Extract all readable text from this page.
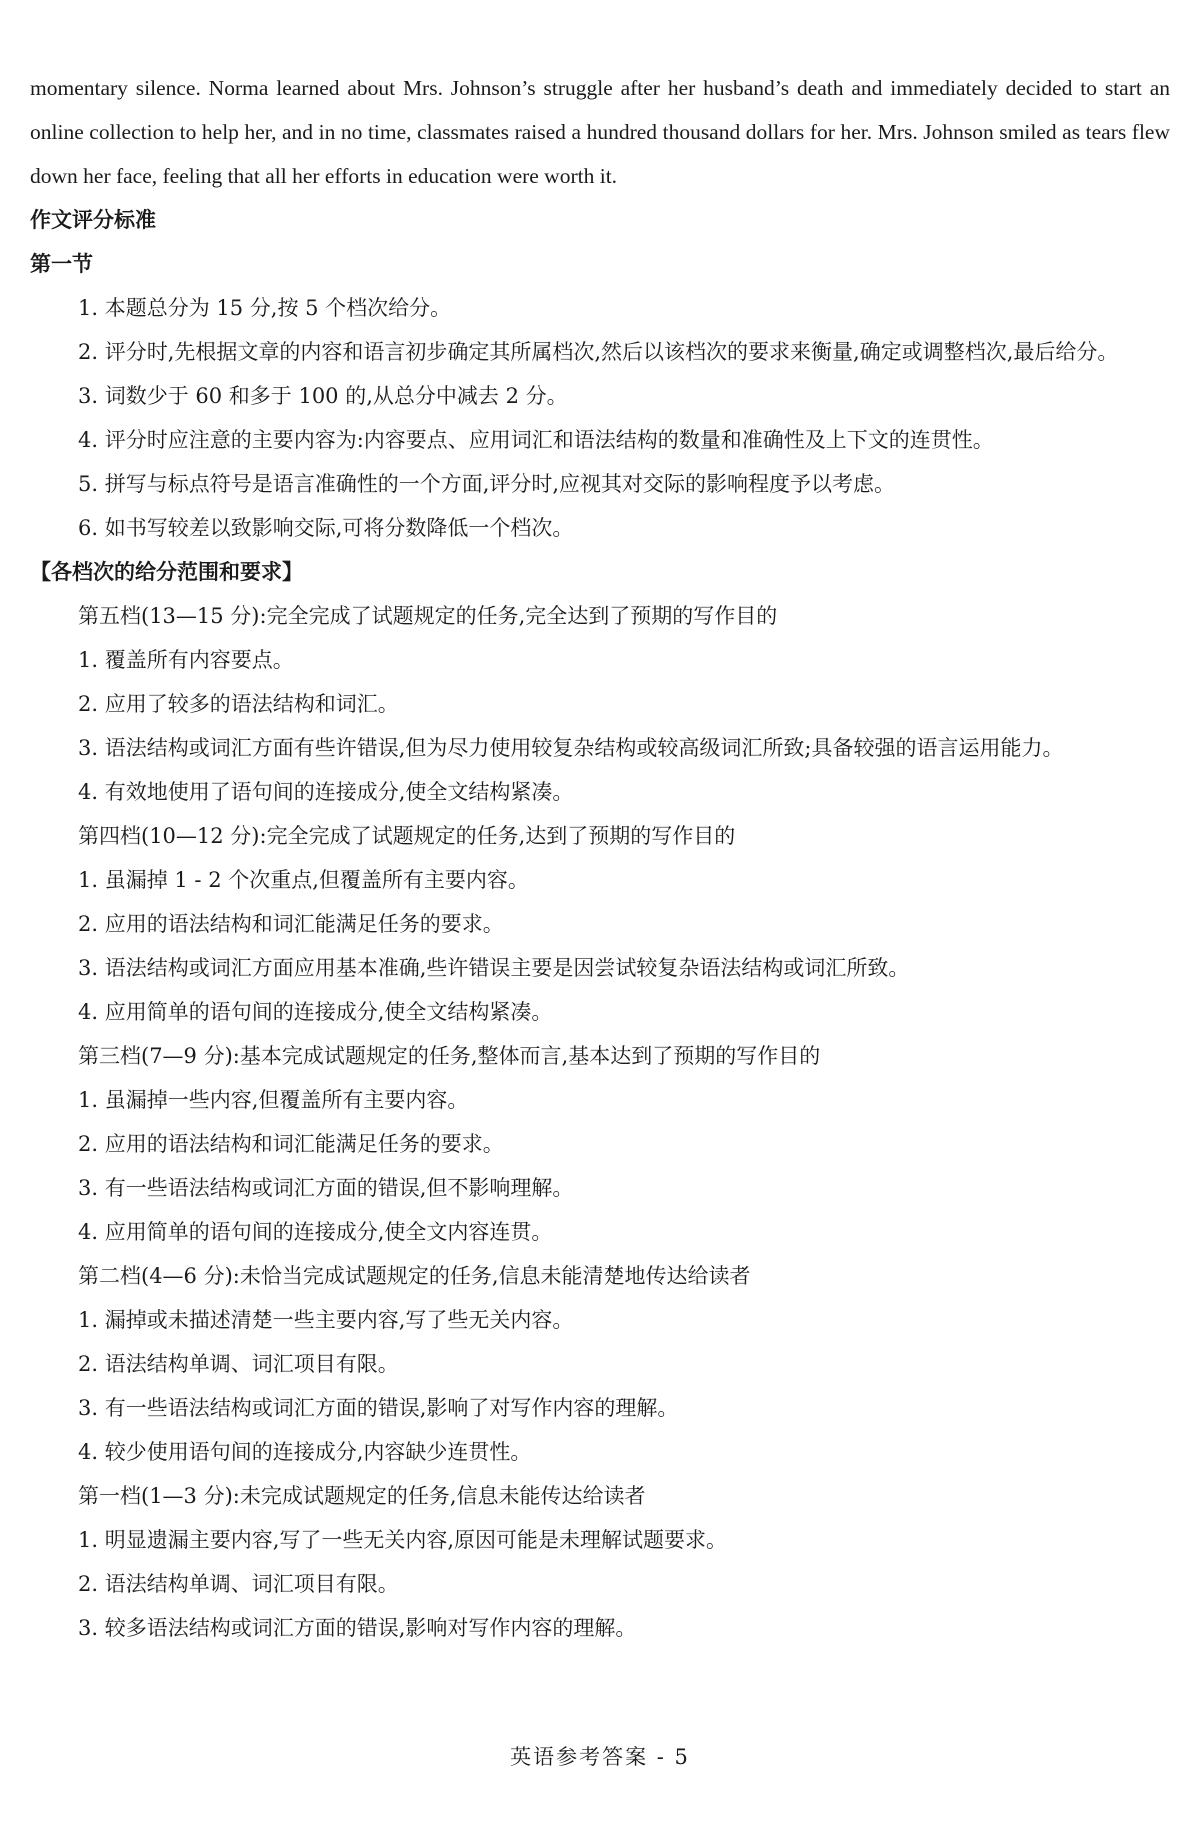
momentary silence. Norma learned about Mrs. Johnson’s struggle after her husband’s death and immediately decided to start an online collection to help her, and in no time, classmates raised a hundred thousand dollars for her. Mrs. Johnson smiled as tears flew down her face, feeling that all her efforts in education were worth it.

作文评分标准

第一节

1. 本题总分为 15 分,按 5 个档次给分。

2. 评分时,先根据文章的内容和语言初步确定其所属档次,然后以该档次的要求来衡量,确定或调整档次,最后给分。

3. 词数少于 60 和多于 100 的,从总分中减去 2 分。

4. 评分时应注意的主要内容为:内容要点、应用词汇和语法结构的数量和准确性及上下文的连贯性。

5. 拼写与标点符号是语言准确性的一个方面,评分时,应视其对交际的影响程度予以考虑。

6. 如书写较差以致影响交际,可将分数降低一个档次。

【各档次的给分范围和要求】

第五档(13—15 分):完全完成了试题规定的任务,完全达到了预期的写作目的

1. 覆盖所有内容要点。

2. 应用了较多的语法结构和词汇。

3. 语法结构或词汇方面有些许错误,但为尽力使用较复杂结构或较高级词汇所致;具备较强的语言运用能力。

4. 有效地使用了语句间的连接成分,使全文结构紧凑。

第四档(10—12 分):完全完成了试题规定的任务,达到了预期的写作目的

1. 虽漏掉 1 - 2 个次重点,但覆盖所有主要内容。

2. 应用的语法结构和词汇能满足任务的要求。

3. 语法结构或词汇方面应用基本准确,些许错误主要是因尝试较复杂语法结构或词汇所致。

4. 应用简单的语句间的连接成分,使全文结构紧凑。

第三档(7—9 分):基本完成试题规定的任务,整体而言,基本达到了预期的写作目的

1. 虽漏掉一些内容,但覆盖所有主要内容。

2. 应用的语法结构和词汇能满足任务的要求。

3. 有一些语法结构或词汇方面的错误,但不影响理解。

4. 应用简单的语句间的连接成分,使全文内容连贯。

第二档(4—6 分):未恰当完成试题规定的任务,信息未能清楚地传达给读者

1. 漏掉或未描述清楚一些主要内容,写了些无关内容。

2. 语法结构单调、词汇项目有限。

3. 有一些语法结构或词汇方面的错误,影响了对写作内容的理解。

4. 较少使用语句间的连接成分,内容缺少连贯性。

第一档(1—3 分):未完成试题规定的任务,信息未能传达给读者

1. 明显遗漏主要内容,写了一些无关内容,原因可能是未理解试题要求。

2. 语法结构单调、词汇项目有限。

3. 较多语法结构或词汇方面的错误,影响对写作内容的理解。

英语参考答案 - 5
